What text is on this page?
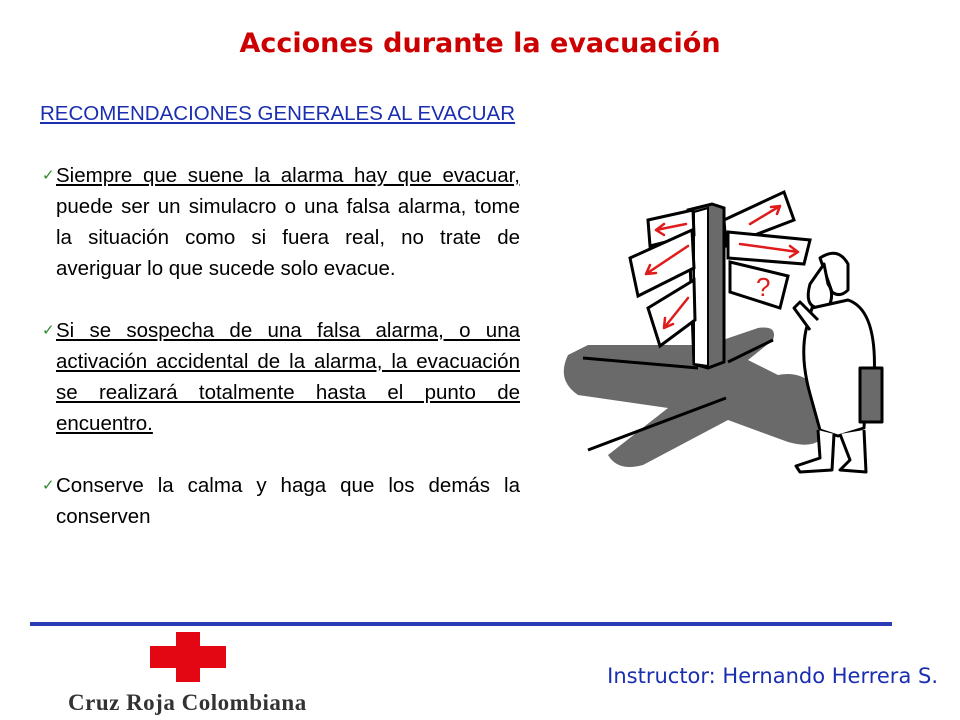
Acciones durante la evacuación

RECOMENDACIONES GENERALES AL EVACUAR

✓ Siempre que suene la alarma hay que evacuar, puede ser un simulacro o una falsa alarma, tome la situación como si fuera real, no trate de averiguar lo que sucede solo evacue.

✓ Si se sospecha de una falsa alarma, o una activación accidental de la alarma, la evacuación se realizará totalmente hasta el punto de encuentro.

✓ Conserve la calma y haga que los demás la conserven

?

Cruz Roja Colombiana

Instructor: Hernando Herrera S.
